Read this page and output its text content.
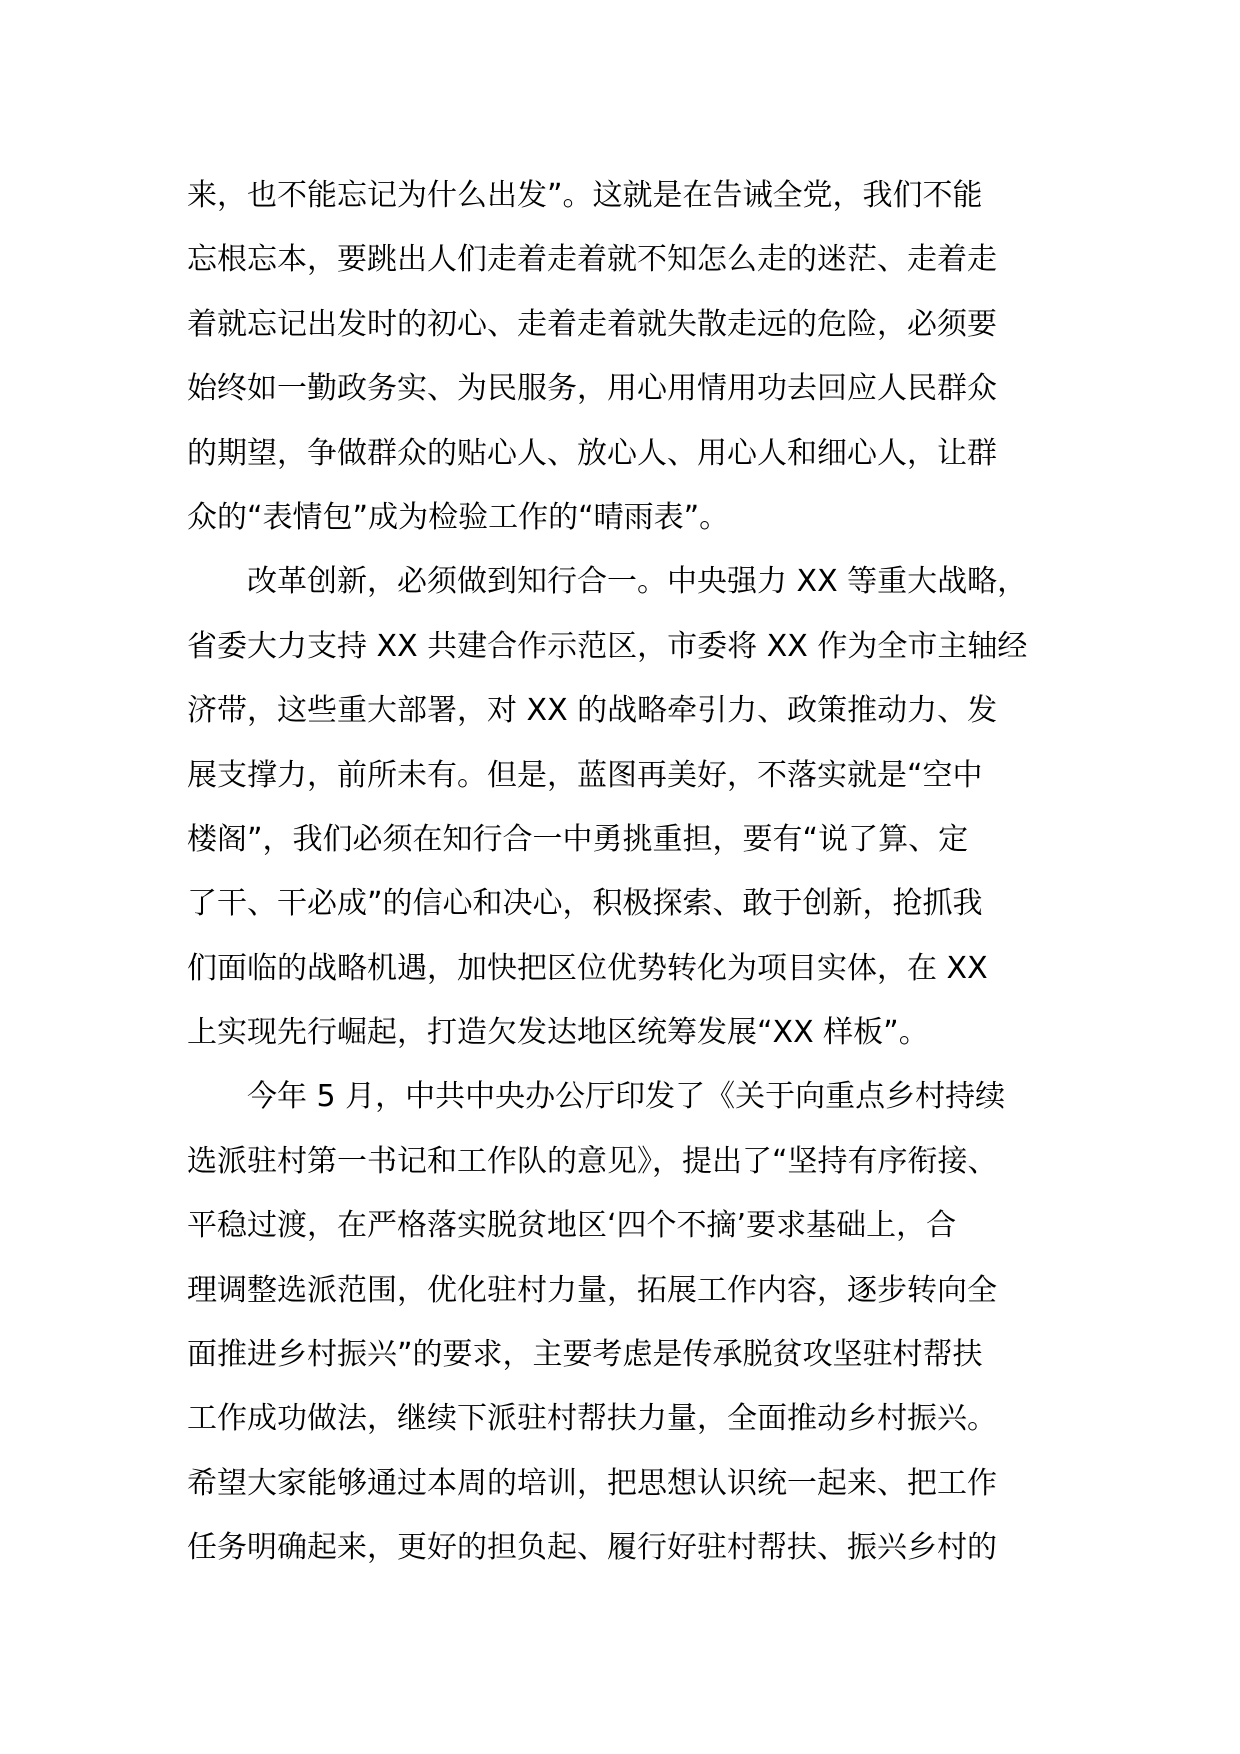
来，也不能忘记为什么出发”。这就是在告诫全党，我们不能
忘根忘本，要跳出人们走着走着就不知怎么走的迷茫、走着走
着就忘记出发时的初心、走着走着就失散走远的危险，必须要
始终如一勤政务实、为民服务，用心用情用功去回应人民群众
的期望，争做群众的贴心人、放心人、用心人和细心人，让群
众的“表情包”成为检验工作的“晴雨表”。
改革创新，必须做到知行合一。中央强力 XX 等重大战略，
省委大力支持 XX 共建合作示范区，市委将 XX 作为全市主轴经
济带，这些重大部署，对 XX 的战略牵引力、政策推动力、发
展支撑力，前所未有。但是，蓝图再美好，不落实就是“空中
楼阁”，我们必须在知行合一中勇挑重担，要有“说了算、定
了干、干必成”的信心和决心，积极探索、敢于创新，抢抓我
们面临的战略机遇，加快把区位优势转化为项目实体，在 XX
上实现先行崛起，打造欠发达地区统筹发展“XX 样板”。
今年 5 月，中共中央办公厅印发了《关于向重点乡村持续
选派驻村第一书记和工作队的意见》，提出了“坚持有序衔接、
平稳过渡，在严格落实脱贫地区‘四个不摘’要求基础上，合
理调整选派范围，优化驻村力量，拓展工作内容，逐步转向全
面推进乡村振兴”的要求，主要考虑是传承脱贫攻坚驻村帮扶
工作成功做法，继续下派驻村帮扶力量，全面推动乡村振兴。
希望大家能够通过本周的培训，把思想认识统一起来、把工作
任务明确起来，更好的担负起、履行好驻村帮扶、振兴乡村的
